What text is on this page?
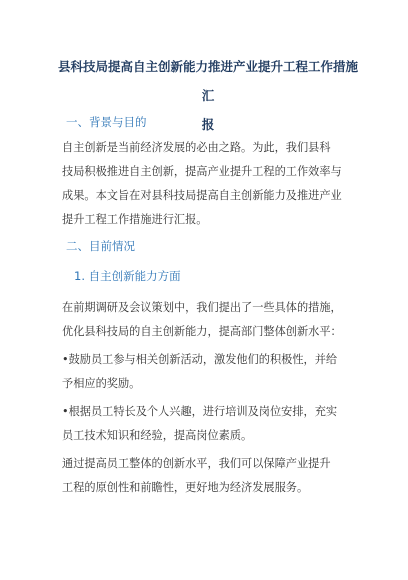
县科技局提高自主创新能力推进产业提升工程工作措施汇
报
一、背景与目的

自主创新是当前经济发展的必由之路。为此，我们县科
技局积极推进自主创新，提高产业提升工程的工作效率与
成果。本文旨在对县科技局提高自主创新能力及推进产业
提升工程工作措施进行汇报。

二、目前情况
1. 自主创新能力方面

在前期调研及会议策划中，我们提出了一些具体的措施，
优化县科技局的自主创新能力，提高部门整体创新水平：

•鼓励员工参与相关创新活动，激发他们的积极性，并给
予相应的奖励。

•根据员工特长及个人兴趣，进行培训及岗位安排，充实
员工技术知识和经验，提高岗位素质。

通过提高员工整体的创新水平，我们可以保障产业提升
工程的原创性和前瞻性，更好地为经济发展服务。
